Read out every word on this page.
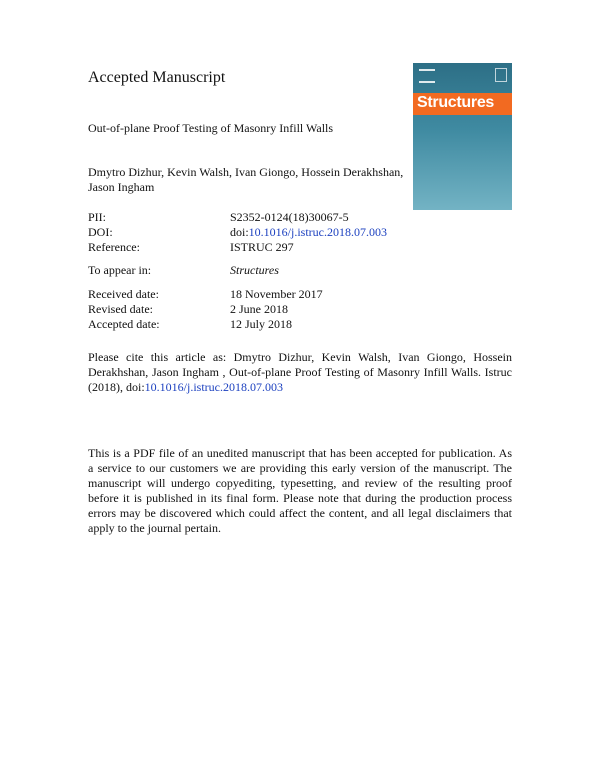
Accepted Manuscript
Structures
Out-of-plane Proof Testing of Masonry Infill Walls
Dmytro Dizhur, Kevin Walsh, Ivan Giongo, Hossein Derakhshan, Jason Ingham
PII:	S2352-0124(18)30067-5
DOI:	doi:10.1016/j.istruc.2018.07.003
Reference:	ISTRUC 297
To appear in:	Structures
Received date:	18 November 2017
Revised date:	2 June 2018
Accepted date:	12 July 2018
Please cite this article as: Dmytro Dizhur, Kevin Walsh, Ivan Giongo, Hossein Derakhshan, Jason Ingham , Out-of-plane Proof Testing of Masonry Infill Walls. Istruc (2018), doi:10.1016/j.istruc.2018.07.003
This is a PDF file of an unedited manuscript that has been accepted for publication. As a service to our customers we are providing this early version of the manuscript. The manuscript will undergo copyediting, typesetting, and review of the resulting proof before it is published in its final form. Please note that during the production process errors may be discovered which could affect the content, and all legal disclaimers that apply to the journal pertain.
